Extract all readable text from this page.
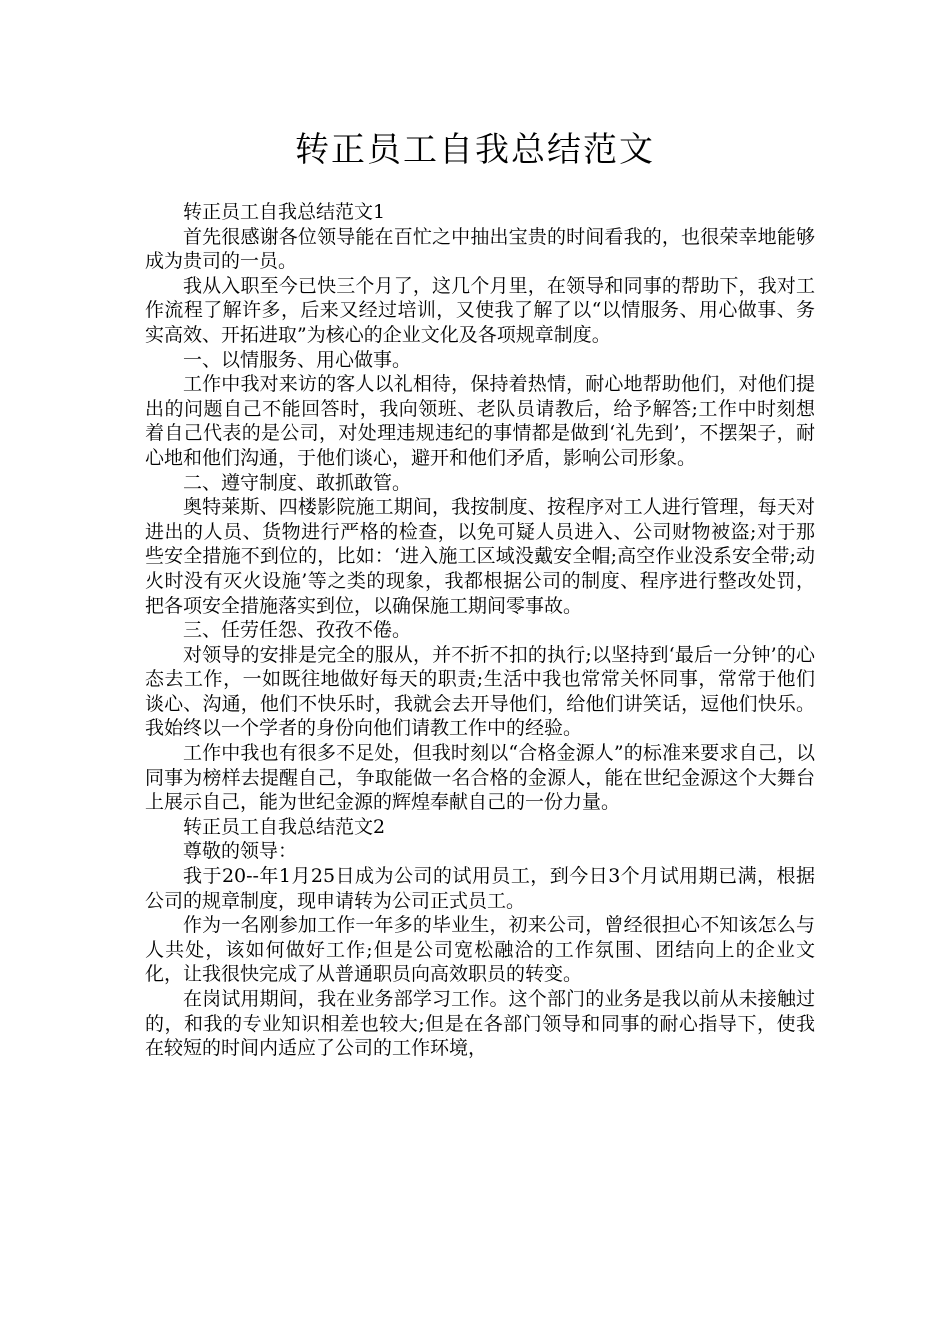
转正员工自我总结范文

转正员工自我总结范文1

首先很感谢各位领导能在百忙之中抽出宝贵的时间看我的，也很荣幸地能够成为贵司的一员。

我从入职至今已快三个月了，这几个月里，在领导和同事的帮助下，我对工作流程了解许多，后来又经过培训，又使我了解了以“以情服务、用心做事、务实高效、开拓进取”为核心的企业文化及各项规章制度。

一、以情服务、用心做事。

工作中我对来访的客人以礼相待，保持着热情，耐心地帮助他们，对他们提出的问题自己不能回答时，我向领班、老队员请教后，给予解答;工作中时刻想着自己代表的是公司，对处理违规违纪的事情都是做到‘礼先到’，不摆架子，耐心地和他们沟通，于他们谈心，避开和他们矛盾，影响公司形象。

二、遵守制度、敢抓敢管。

奥特莱斯、四楼影院施工期间，我按制度、按程序对工人进行管理，每天对进出的人员、货物进行严格的检查，以免可疑人员进入、公司财物被盗;对于那些安全措施不到位的，比如：‘进入施工区域没戴安全帽;高空作业没系安全带;动火时没有灭火设施’等之类的现象，我都根据公司的制度、程序进行整改处罚，把各项安全措施落实到位，以确保施工期间零事故。

三、任劳任怨、孜孜不倦。

对领导的安排是完全的服从，并不折不扣的执行;以坚持到‘最后一分钟’的心态去工作，一如既往地做好每天的职责;生活中我也常常关怀同事，常常于他们谈心、沟通，他们不快乐时，我就会去开导他们，给他们讲笑话，逗他们快乐。我始终以一个学者的身份向他们请教工作中的经验。

工作中我也有很多不足处，但我时刻以“合格金源人”的标准来要求自己，以同事为榜样去提醒自己，争取能做一名合格的金源人，能在世纪金源这个大舞台上展示自己，能为世纪金源的辉煌奉献自己的一份力量。

转正员工自我总结范文2

尊敬的领导：

我于20--年1月25日成为公司的试用员工，到今日3个月试用期已满，根据公司的规章制度，现申请转为公司正式员工。

作为一名刚参加工作一年多的毕业生，初来公司，曾经很担心不知该怎么与人共处，该如何做好工作;但是公司宽松融洽的工作氛围、团结向上的企业文化，让我很快完成了从普通职员向高效职员的转变。

在岗试用期间，我在业务部学习工作。这个部门的业务是我以前从未接触过的，和我的专业知识相差也较大;但是在各部门领导和同事的耐心指导下，使我在较短的时间内适应了公司的工作环境，
